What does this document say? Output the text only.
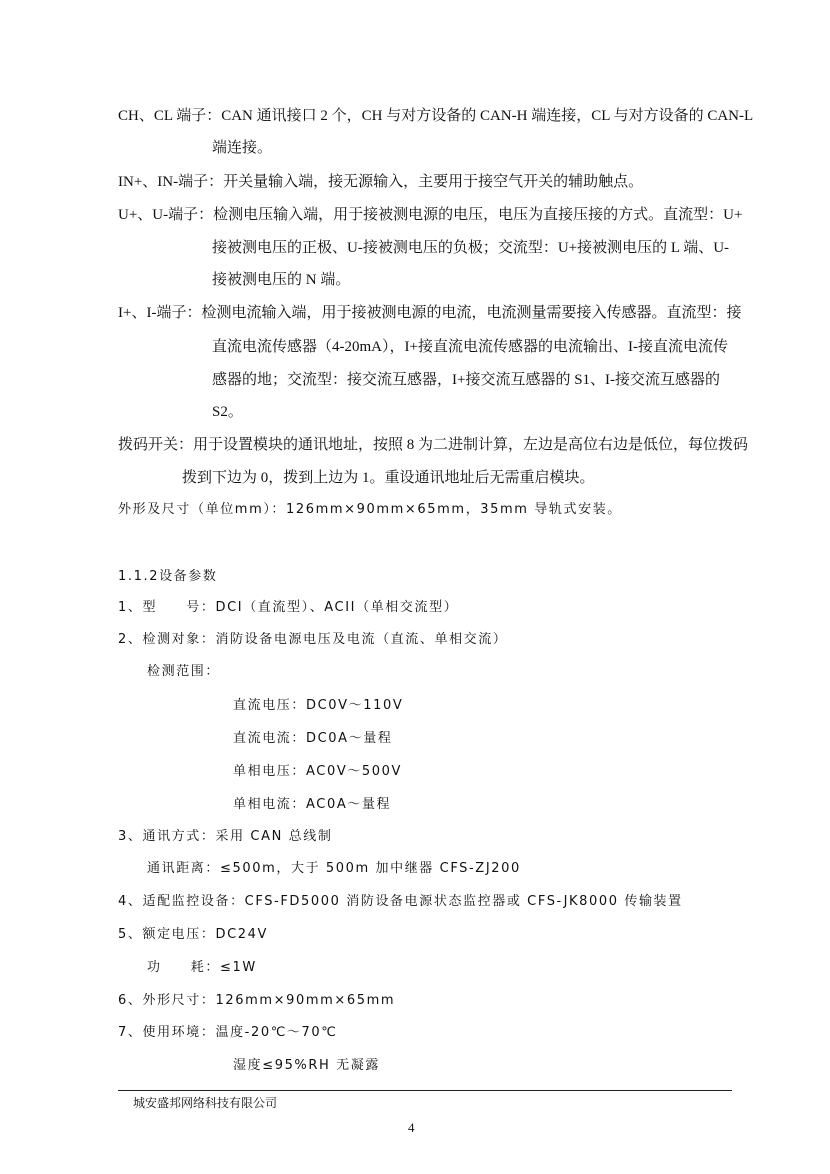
CH、CL 端子：CAN 通讯接口 2 个，CH 与对方设备的 CAN-H 端连接，CL 与对方设备的 CAN-L
端连接。
IN+、IN-端子：开关量输入端，接无源输入，主要用于接空气开关的辅助触点。
U+、U-端子：检测电压输入端，用于接被测电源的电压，电压为直接压接的方式。直流型：U+
接被测电压的正极、U-接被测电压的负极；交流型：U+接被测电压的 L 端、U-
接被测电压的 N 端。
I+、I-端子：检测电流输入端，用于接被测电源的电流，电流测量需要接入传感器。直流型：接
直流电流传感器（4-20mA），I+接直流电流传感器的电流输出、I-接直流电流传
感器的地；交流型：接交流互感器，I+接交流互感器的 S1、I-接交流互感器的
S2。
拨码开关：用于设置模块的通讯地址，按照 8 为二进制计算，左边是高位右边是低位，每位拨码
拨到下边为 0，拨到上边为 1。重设通讯地址后无需重启模块。
外形及尺寸（单位mm）：126mm×90mm×65mm，35mm 导轨式安装。
1.1.2设备参数
1、型　　号：DCI（直流型）、ACII（单相交流型）
2、检测对象：消防设备电源电压及电流（直流、单相交流）
检测范围：
直流电压：DC0V～110V
直流电流：DC0A～量程
单相电压：AC0V～500V
单相电流：AC0A～量程
3、通讯方式：采用 CAN 总线制
通讯距离：≤500m，大于 500m 加中继器 CFS-ZJ200
4、适配监控设备：CFS-FD5000 消防设备电源状态监控器或 CFS-JK8000 传输装置
5、额定电压：DC24V
功　　耗：≤1W
6、外形尺寸：126mm×90mm×65mm
7、使用环境：温度-20℃～70℃
湿度≤95%RH 无凝露
城安盛邦网络科技有限公司
4
